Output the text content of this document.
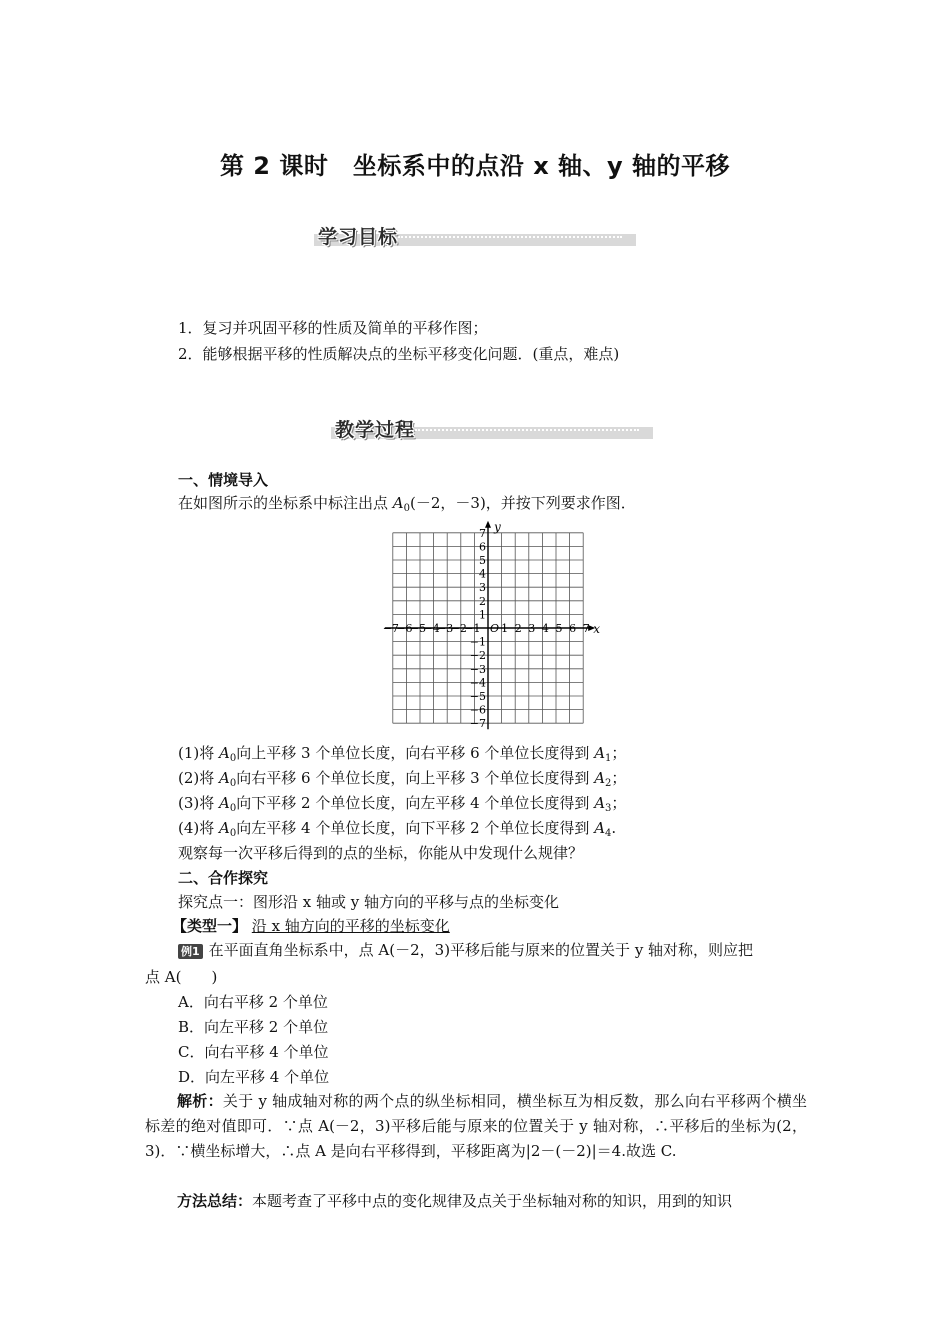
第 2 课时　坐标系中的点沿 x 轴、y 轴的平移
学习目标
1．复习并巩固平移的性质及简单的平移作图；
2．能够根据平移的性质解决点的坐标平移变化问题．(重点，难点)
教学过程
一、情境导入
在如图所示的坐标系中标注出点 $A_0(-2$，－3)，并按下列要求作图．
x
y
O
−7
−6
−5
−4
−3
−2
−1 1 2 3 4 5 6 7
−7
−6
−5
−4
−3
−2
−1
1
2
3
4
5
6
7
(1)将 $A_0$向上平移 3 个单位长度，向右平移 6 个单位长度得到 $A_1$；
(2)将 $A_0$向右平移 6 个单位长度，向上平移 3 个单位长度得到 $A_2$；
(3)将 $A_0$向下平移 2 个单位长度，向左平移 4 个单位长度得到 $A_3$；
(4)将 $A_0$向左平移 4 个单位长度，向下平移 2 个单位长度得到 $A_4$.
观察每一次平移后得到的点的坐标，你能从中发现什么规律？
二、合作探究
探究点一：图形沿 x 轴或 y 轴方向的平移与点的坐标变化
【类型一】 沿 x 轴方向的平移的坐标变化
例1 在平面直角坐标系中，点 A(－2，3)平移后能与原来的位置关于 y 轴对称，则应把
点 A(　　)
A．向右平移 2 个单位
B．向左平移 2 个单位
C．向右平移 4 个单位
D．向左平移 4 个单位
解析：关于 y 轴成轴对称的两个点的纵坐标相同，横坐标互为相反数，那么向右平移两个横坐标差的绝对值即可．∵点 A(－2，3)平移后能与原来的位置关于 y 轴对称，∴平移后的坐标为(2，3)．∵横坐标增大，∴点 A 是向右平移得到，平移距离为|2－(－2)|＝4.故选 C.
方法总结：本题考查了平移中点的变化规律及点关于坐标轴对称的知识，用到的知识
